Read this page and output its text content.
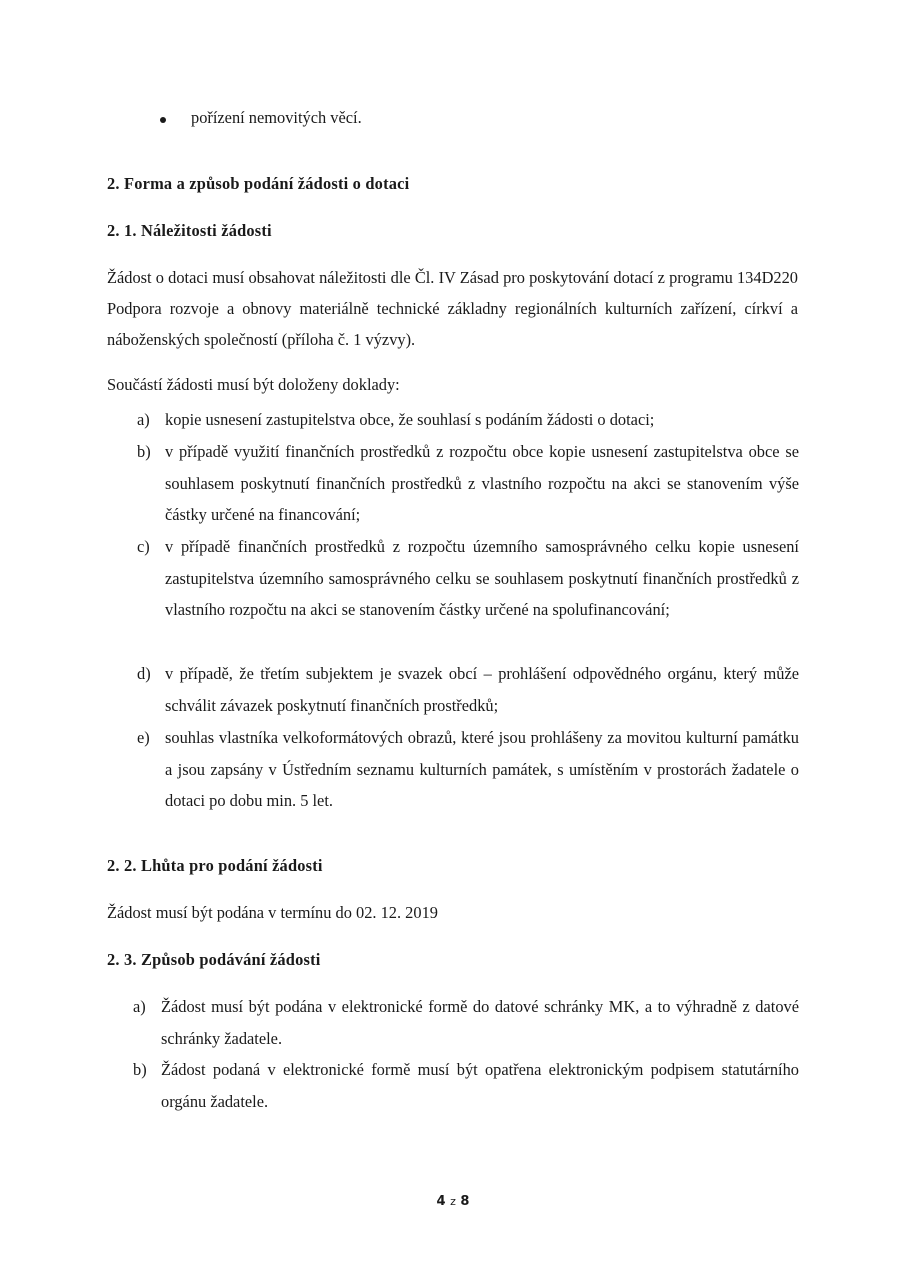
pořízení nemovitých věcí.
2. Forma a způsob podání žádosti o dotaci
2. 1. Náležitosti žádosti
Žádost o dotaci musí obsahovat náležitosti dle Čl. IV Zásad pro poskytování dotací z programu 134D220 Podpora rozvoje a obnovy materiálně technické základny regionálních kulturních zařízení, církví a náboženských společností (příloha č. 1 výzvy).
Součástí žádosti musí být doloženy doklady:
a) kopie usnesení zastupitelstva obce, že souhlasí s podáním žádosti o dotaci;
b) v případě využití finančních prostředků z rozpočtu obce kopie usnesení zastupitelstva obce se souhlasem poskytnutí finančních prostředků z vlastního rozpočtu na akci se stanovením výše částky určené na financování;
c) v případě finančních prostředků z rozpočtu územního samosprávného celku kopie usnesení zastupitelstva územního samosprávného celku se souhlasem poskytnutí finančních prostředků z vlastního rozpočtu na akci se stanovením částky určené na spolufinancování;
d) v případě, že třetím subjektem je svazek obcí – prohlášení odpovědného orgánu, který může schválit závazek poskytnutí finančních prostředků;
e) souhlas vlastníka velkoformátových obrazů, které jsou prohlášeny za movitou kulturní památku a jsou zapsány v Ústředním seznamu kulturních památek, s umístěním v prostorách žadatele o dotaci po dobu min. 5 let.
2. 2. Lhůta pro podání žádosti
Žádost musí být podána v termínu do 02. 12. 2019
2. 3. Způsob podávání žádosti
a) Žádost musí být podána v elektronické formě do datové schránky MK, a to výhradně z datové schránky žadatele.
b) Žádost podaná v elektronické formě musí být opatřena elektronickým podpisem statutárního orgánu žadatele.
4 z 8
